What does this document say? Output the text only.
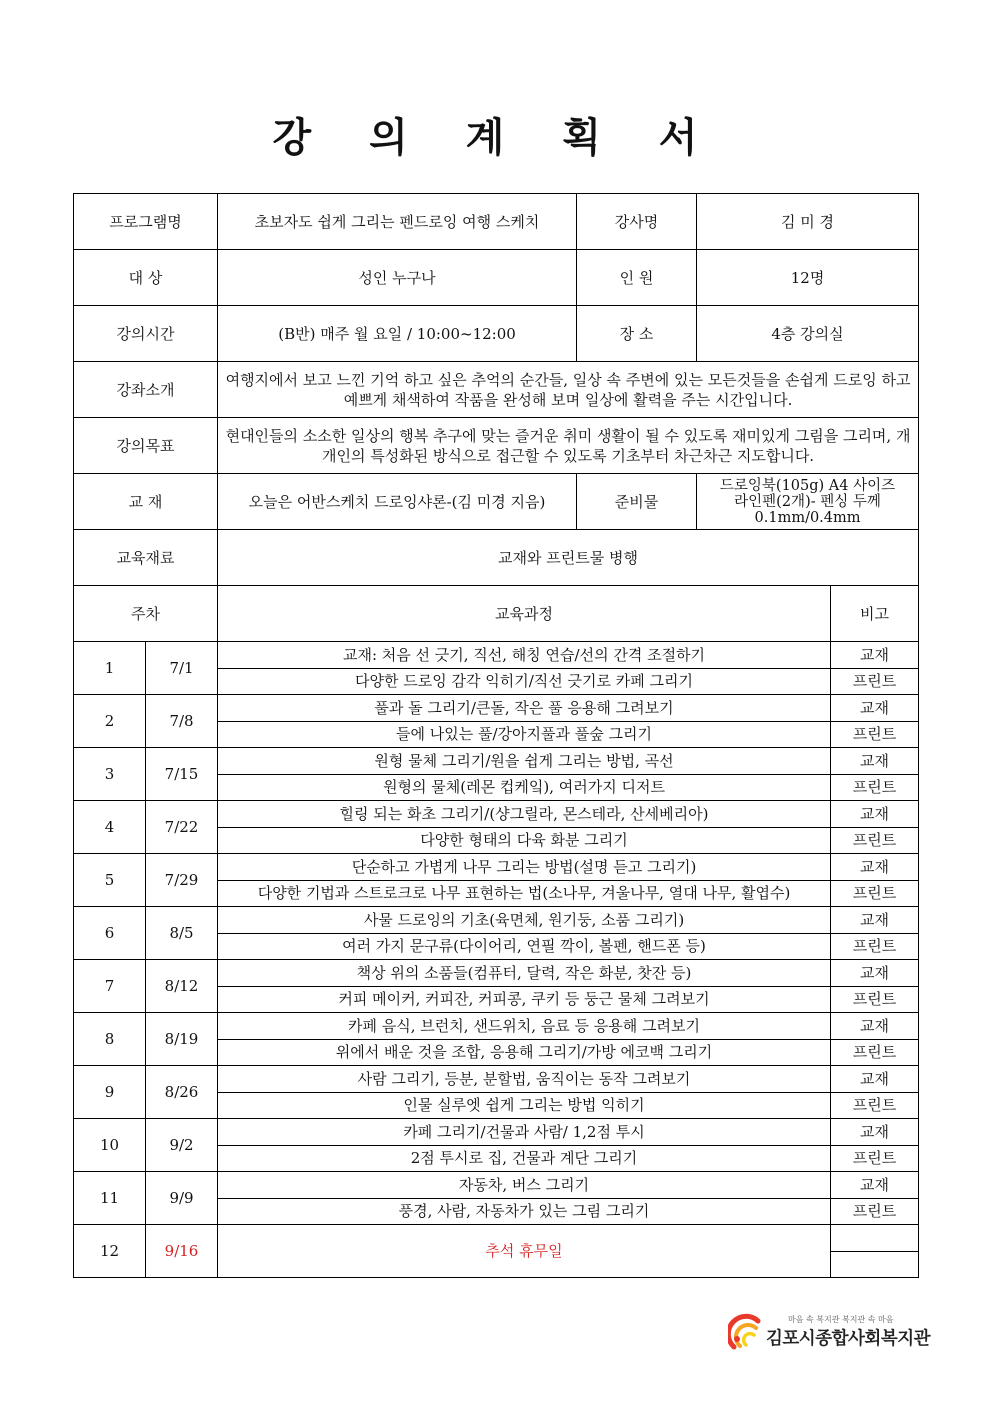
강 의 계 획 서
프로그램명		초보자도 쉽게 그리는 펜드로잉 여행 스케치	강사명	김 미 경	
대 상		성인 누구나	인 원	12명	
강의시간		(B반) 매주 월 요일 / 10:00~12:00	장 소	4층 강의실	
강좌소개		여행지에서 보고 느낀 기억 하고 싶은 추억의 순간들, 일상 속 주변에 있는 모든것들을 손쉽게 드로잉 하고 예쁘게 채색하여 작품을 완성해 보며 일상에 활력을 주는 시간입니다.			
강의목표		현대인들의 소소한 일상의 행복 추구에 맞는 즐거운 취미 생활이 될 수 있도록 재미있게 그림을 그리며, 개개인의 특성화된 방식으로 접근할 수 있도록 기초부터 차근차근 지도합니다.			
교 재		오늘은 어반스케치 드로잉샤론-(김 미경 지음)	준비물	드로잉북(105g) A4 사이즈
라인펜(2개)- 펜싱 두께
0.1mm/0.4mm	

교육재료		교재와 프린트물 병행			
주차		교육과정			비고
1	7/1	교재: 처음 선 긋기, 직선, 해칭 연습/선의 간격 조절하기			교재
		다양한 드로잉 감각 익히기/직선 긋기로 카페 그리기			프린트
2	7/8	풀과 돌 그리기/큰돌, 작은 풀 응용해 그려보기			교재
		들에 나있는 풀/강아지풀과 풀숲 그리기			프린트
3	7/15	원형 물체 그리기/원을 쉽게 그리는 방법, 곡선			교재
		원형의 물체(레몬 컵케잌), 여러가지 디저트			프린트
4	7/22	힐링 되는 화초 그리기/(샹그릴라, 몬스테라, 산세베리아)			교재
		다양한 형태의 다육 화분 그리기			프린트
5	7/29	단순하고 가볍게 나무 그리는 방법(설명 듣고 그리기)			교재
		다양한 기법과 스트로크로 나무 표현하는 법(소나무, 겨울나무, 열대 나무, 활엽수)			프린트
6	8/5	사물 드로잉의 기초(육면체, 원기둥, 소품 그리기)			교재
		여러 가지 문구류(다이어리, 연필 깍이, 볼펜, 핸드폰 등)			프린트
7	8/12	책상 위의 소품들(컴퓨터, 달력, 작은 화분, 찻잔 등)			교재
		커피 메이커, 커피잔, 커피콩, 쿠키 등 둥근 물체 그려보기			프린트
8	8/19	카페 음식, 브런치, 샌드위치, 음료 등 응용해 그려보기			교재
		위에서 배운 것을 조합, 응용해 그리기/가방 에코백 그리기			프린트
9	8/26	사람 그리기, 등분, 분할법, 움직이는 동작 그려보기			교재
		인물 실루엣 쉽게 그리는 방법 익히기			프린트
10	9/2	카페 그리기/건물과 사람/ 1,2점 투시			교재
		2점 투시로 집, 건물과 계단 그리기			프린트
11	9/9	자동차, 버스 그리기			교재
		풍경, 사람, 자동차가 있는 그림 그리기			프린트
12	9/16	추석 휴무일			

마음 속 복지관 복지관 속 마음
김포시종합사회복지관
